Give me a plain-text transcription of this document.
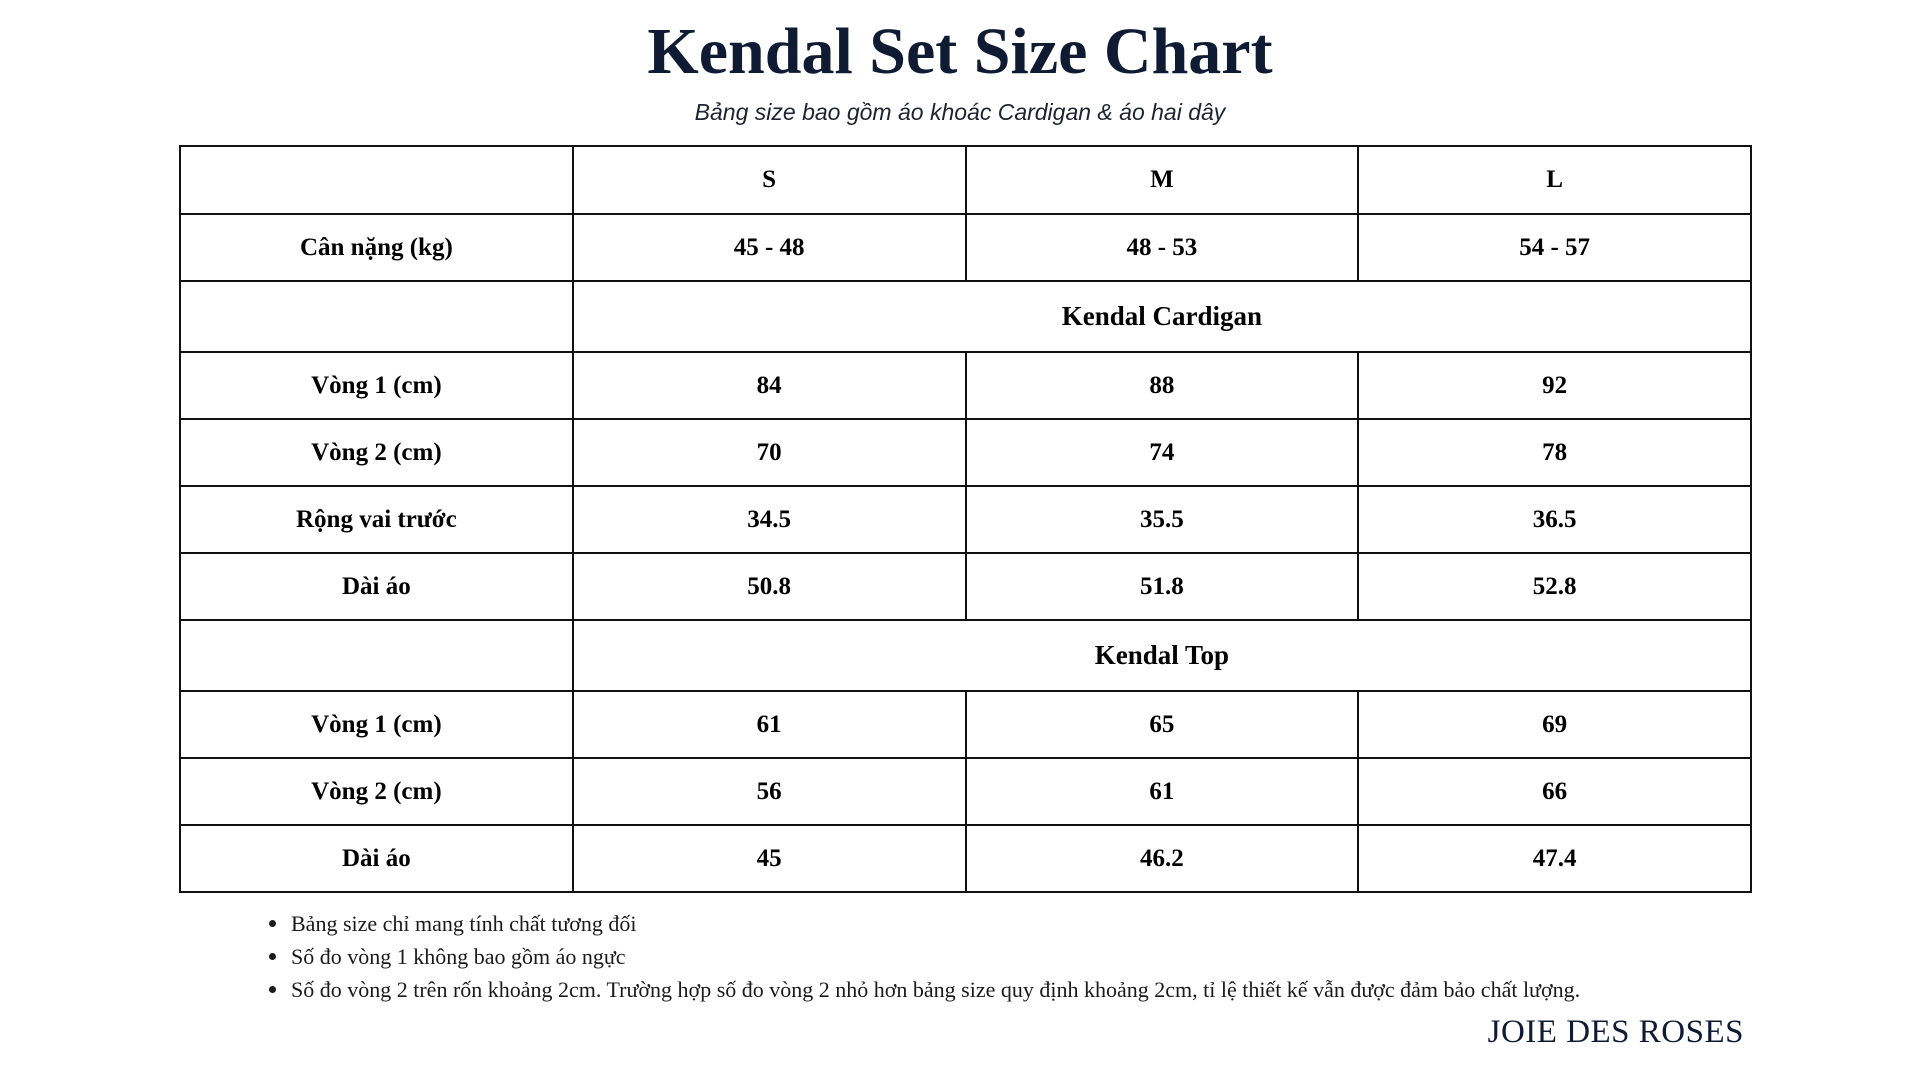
Kendal Set Size Chart

Bảng size bao gồm áo khoác Cardigan & áo hai dây

	S	M	L
Cân nặng (kg)	45 - 48	48 - 53	54 - 57
	Kendal Cardigan		
Vòng 1 (cm)	84	88	92
Vòng 2 (cm)	70	74	78
Rộng vai trước	34.5	35.5	36.5
Dài áo	50.8	51.8	52.8
	Kendal Top		
Vòng 1 (cm)	61	65	69
Vòng 2 (cm)	56	61	66
Dài áo	45	46.2	47.4
Bảng size chỉ mang tính chất tương đối
Số đo vòng 1 không bao gồm áo ngực
Số đo vòng 2 trên rốn khoảng 2cm. Trường hợp số đo vòng 2 nhỏ hơn bảng size quy định khoảng 2cm, tỉ lệ thiết kế vẫn được đảm bảo chất lượng.
JOIE DES ROSES
